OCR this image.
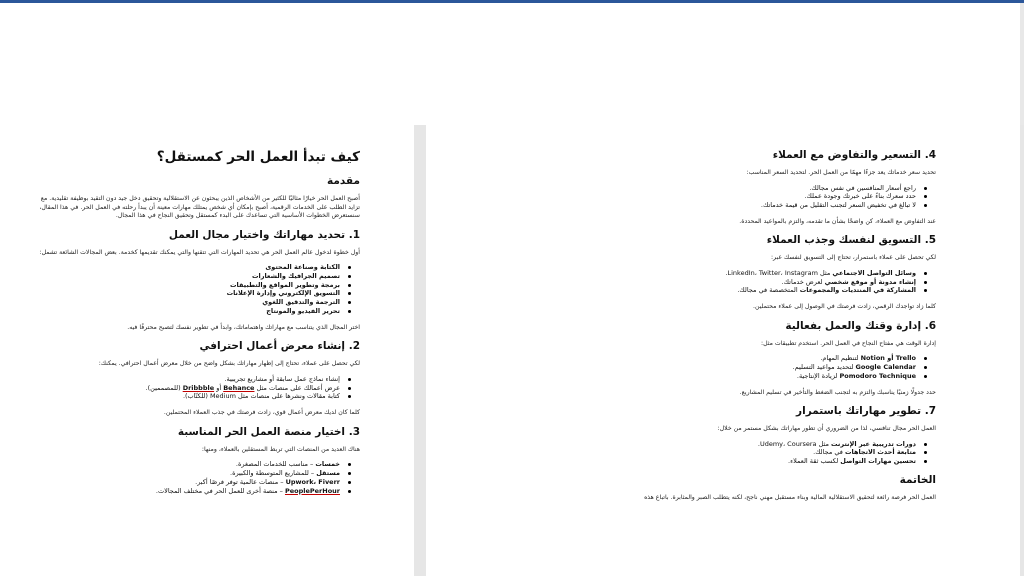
كيف تبدأ العمل الحر كمستقل؟
مقدمة

أصبح العمل الحر خيارًا مثاليًا للكثير من الأشخاص الذين يبحثون عن الاستقلالية وتحقيق دخل جيد دون التقيد بوظيفة تقليدية. مع تزايد الطلب على الخدمات الرقمية، أصبح بإمكان أي شخص يمتلك مهارات معينة أن يبدأ رحلته في العمل الحر. في هذا المقال، سنستعرض الخطوات الأساسية التي تساعدك على البدء كمستقل وتحقيق النجاح في هذا المجال.

1. تحديد مهاراتك واختيار مجال العمل

أول خطوة لدخول عالم العمل الحر هي تحديد المهارات التي تتقنها والتي يمكنك تقديمها كخدمة. بعض المجالات الشائعة تشمل:

الكتابة وصناعة المحتوى
تصميم الجرافيك والشعارات
برمجة وتطوير المواقع والتطبيقات
التسويق الإلكتروني وإدارة الإعلانات
الترجمة والتدقيق اللغوي
تحرير الفيديو والمونتاج

اختر المجال الذي يتناسب مع مهاراتك واهتماماتك، وابدأ في تطوير نفسك لتصبح محترفًا فيه.

2. إنشاء معرض أعمال احترافي

لكي تحصل على عملاء، تحتاج إلى إظهار مهاراتك بشكل واضح من خلال معرض أعمال احترافي. يمكنك:

إنشاء نماذج عمل سابقة أو مشاريع تجريبية.
عرض أعمالك على منصات مثل Behance أو Dribbble (للمصممين).
كتابة مقالات ونشرها على منصات مثل Medium (للكتّاب).

كلما كان لديك معرض أعمال قوي، زادت فرصتك في جذب العملاء المحتملين.

3. اختيار منصة العمل الحر المناسبة

هناك العديد من المنصات التي تربط المستقلين بالعملاء، ومنها:

خمسات – مناسب للخدمات المصغرة.
مستقل – للمشاريع المتوسطة والكبيرة.
Upwork، Fiverr – منصات عالمية توفر فرصًا أكبر.
PeoplePerHour – منصة أخرى للعمل الحر في مختلف المجالات.
4. التسعير والتفاوض مع العملاء

تحديد سعر خدماتك يعد جزءًا مهمًا من العمل الحر. لتحديد السعر المناسب:

راجع أسعار المنافسين في نفس مجالك.
حدد سعرك بناءً على خبرتك وجودة عملك.
لا تبالغ في تخفيض السعر لتجنب التقليل من قيمة خدماتك.

عند التفاوض مع العملاء، كن واضحًا بشأن ما تقدمه، والتزم بالمواعيد المحددة.

5. التسويق لنفسك وجذب العملاء

لكي تحصل على عملاء باستمرار، تحتاج إلى التسويق لنفسك عبر:

وسائل التواصل الاجتماعي مثل LinkedIn، Twitter، Instagram.
إنشاء مدونة أو موقع شخصي لعرض خدماتك.
المشاركة في المنتديات والمجموعات المتخصصة في مجالك.

كلما زاد تواجدك الرقمي، زادت فرصتك في الوصول إلى عملاء محتملين.

6. إدارة وقتك والعمل بفعالية

إدارة الوقت هي مفتاح النجاح في العمل الحر. استخدم تطبيقات مثل:

Trello أو Notion لتنظيم المهام.
Google Calendar لتحديد مواعيد التسليم.
Pomodoro Technique لزيادة الإنتاجية.

حدد جدولًا زمنيًا يناسبك والتزم به لتجنب الضغط والتأخير في تسليم المشاريع.

7. تطوير مهاراتك باستمرار

العمل الحر مجال تنافسي، لذا من الضروري أن تطور مهاراتك بشكل مستمر من خلال:

دورات تدريبية عبر الإنترنت مثل Udemy، Coursera.
متابعة أحدث الاتجاهات في مجالك.
تحسين مهارات التواصل لكسب ثقة العملاء.
الخاتمة

العمل الحر فرصة رائعة لتحقيق الاستقلالية المالية وبناء مستقبل مهني ناجح، لكنه يتطلب الصبر والمثابرة. باتباع هذه
